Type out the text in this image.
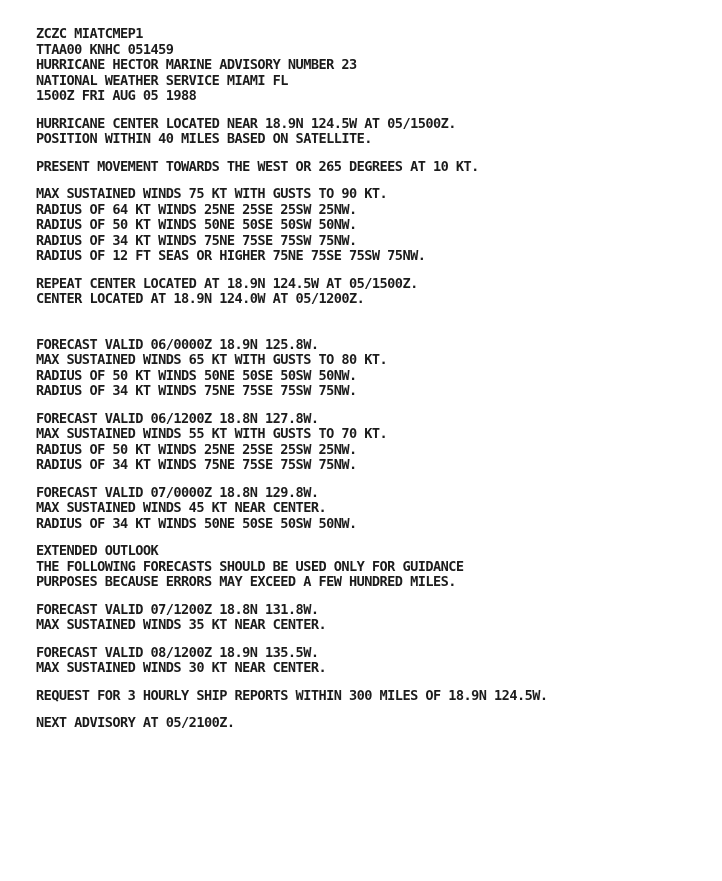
ZCZC MIATCMEP1
TTAA00 KNHC 051459
HURRICANE HECTOR MARINE ADVISORY NUMBER 23
NATIONAL WEATHER SERVICE MIAMI FL
1500Z FRI AUG 05 1988
HURRICANE CENTER LOCATED NEAR 18.9N 124.5W AT 05/1500Z.
POSITION WITHIN 40 MILES BASED ON SATELLITE.
PRESENT MOVEMENT TOWARDS THE WEST OR 265 DEGREES AT 10 KT.
MAX SUSTAINED WINDS 75 KT WITH GUSTS TO 90 KT.
RADIUS OF 64 KT WINDS 25NE 25SE 25SW 25NW.
RADIUS OF 50 KT WINDS 50NE 50SE 50SW 50NW.
RADIUS OF 34 KT WINDS 75NE 75SE 75SW 75NW.
RADIUS OF 12 FT SEAS OR HIGHER 75NE 75SE 75SW 75NW.
REPEAT CENTER LOCATED AT 18.9N 124.5W AT 05/1500Z.
CENTER LOCATED AT 18.9N 124.0W AT 05/1200Z.
FORECAST VALID 06/0000Z 18.9N 125.8W.
MAX SUSTAINED WINDS 65 KT WITH GUSTS TO 80 KT.
RADIUS OF 50 KT WINDS 50NE 50SE 50SW 50NW.
RADIUS OF 34 KT WINDS 75NE 75SE 75SW 75NW.
FORECAST VALID 06/1200Z 18.8N 127.8W.
MAX SUSTAINED WINDS 55 KT WITH GUSTS TO 70 KT.
RADIUS OF 50 KT WINDS 25NE 25SE 25SW 25NW.
RADIUS OF 34 KT WINDS 75NE 75SE 75SW 75NW.
FORECAST VALID 07/0000Z 18.8N 129.8W.
MAX SUSTAINED WINDS 45 KT NEAR CENTER.
RADIUS OF 34 KT WINDS 50NE 50SE 50SW 50NW.
EXTENDED OUTLOOK
THE FOLLOWING FORECASTS SHOULD BE USED ONLY FOR GUIDANCE
PURPOSES BECAUSE ERRORS MAY EXCEED A FEW HUNDRED MILES.
FORECAST VALID 07/1200Z 18.8N 131.8W.
MAX SUSTAINED WINDS 35 KT NEAR CENTER.
FORECAST VALID 08/1200Z 18.9N 135.5W.
MAX SUSTAINED WINDS 30 KT NEAR CENTER.
REQUEST FOR 3 HOURLY SHIP REPORTS WITHIN 300 MILES OF 18.9N 124.5W.
NEXT ADVISORY AT 05/2100Z.
